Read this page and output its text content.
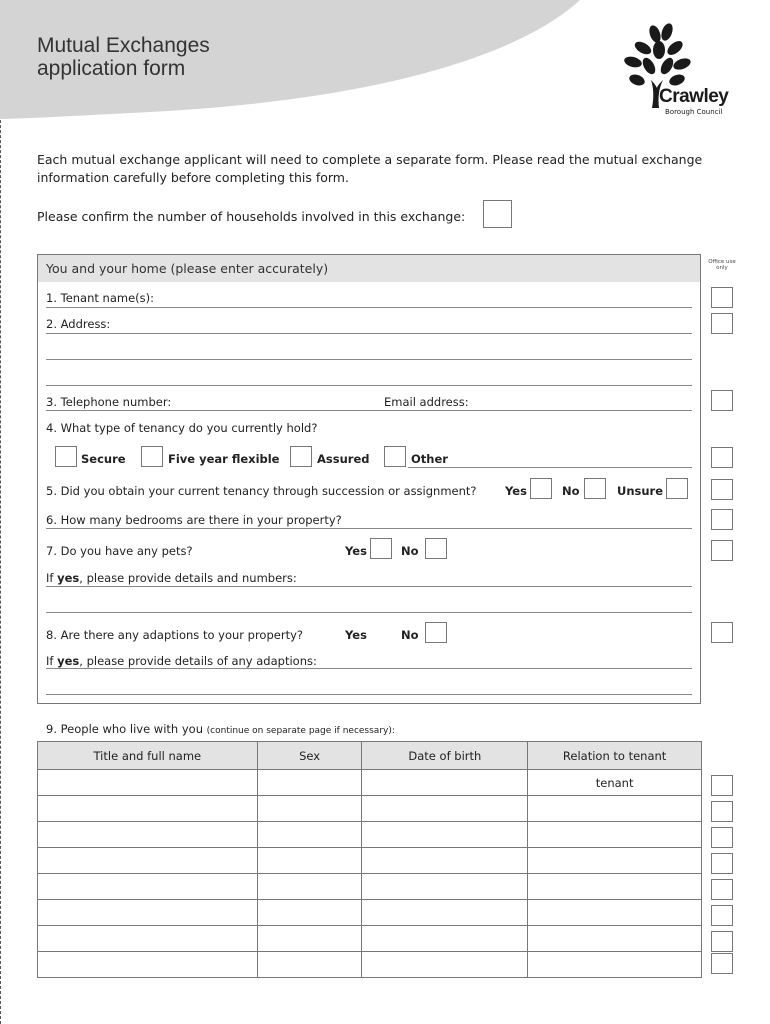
Mutual Exchanges
application form
Crawley
Borough Council
Each mutual exchange applicant will need to complete a separate form. Please read the mutual exchange information carefully before completing this form.
Please confirm the number of households involved in this exchange:
Office use only
You and your home (please enter accurately)
1. Tenant name(s):
2. Address:
3. Telephone number:	Email address:
4. What type of tenancy do you currently hold?
Secure	Five year flexible	Assured	Other
5. Did you obtain your current tenancy through succession or assignment? Yes	No	Unsure
6. How many bedrooms are there in your property?
7. Do you have any pets?	Yes	No
If yes, please provide details and numbers:
8. Are there any adaptions to your property?	Yes	No
If yes, please provide details of any adaptions:
9. People who live with you (continue on separate page if necessary):
Title and full name	Sex	Date of birth	Relation to tenant
			tenant
